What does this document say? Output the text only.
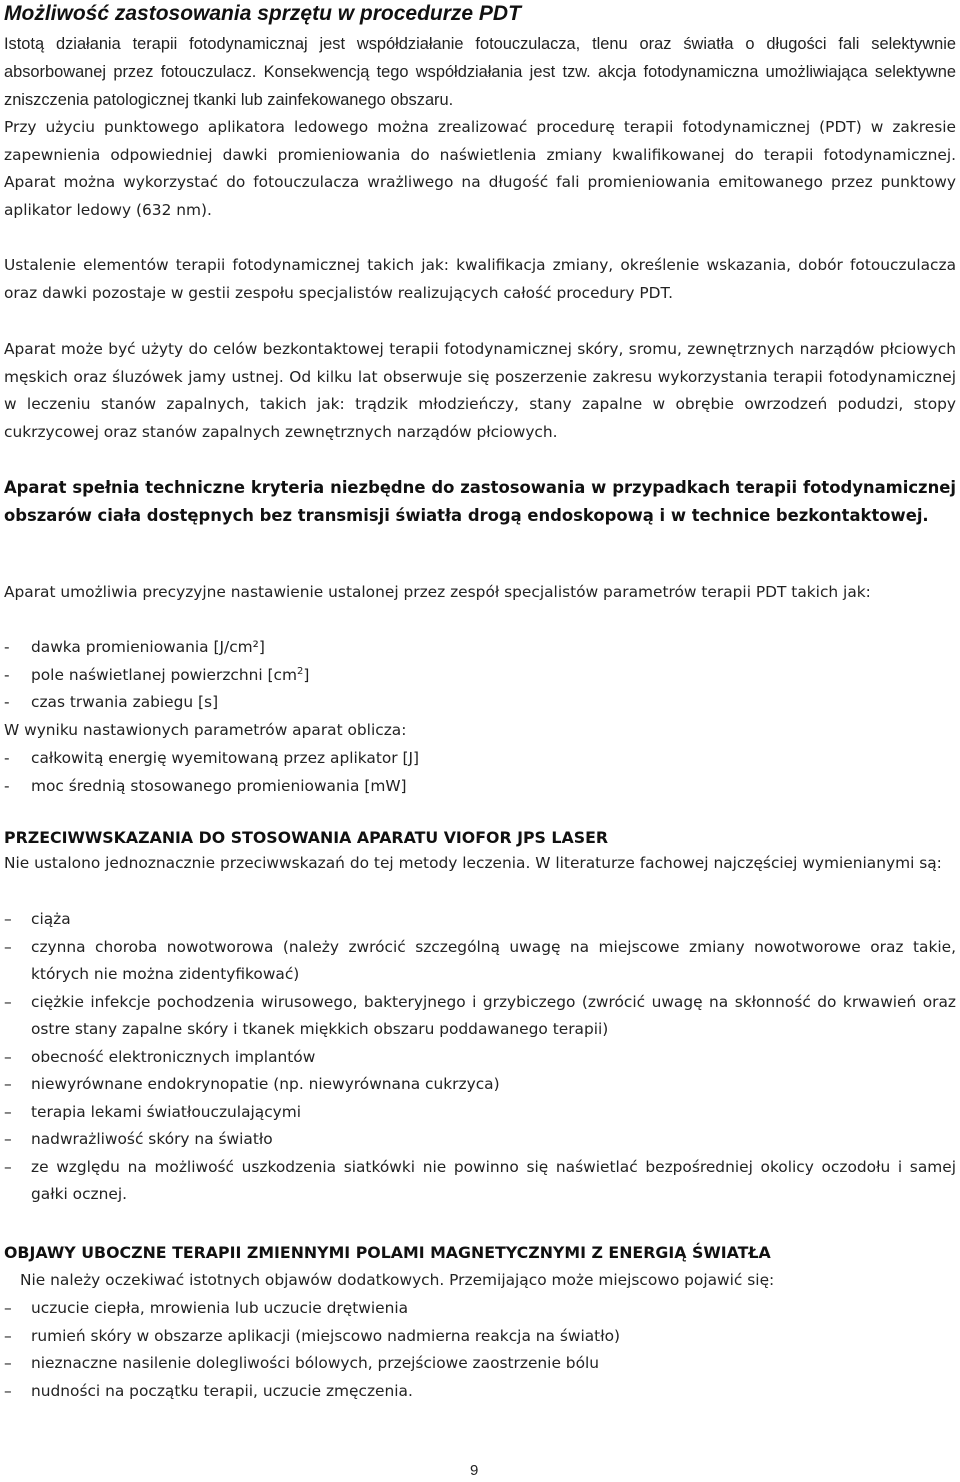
Możliwość zastosowania sprzętu w procedurze PDT

Istotą działania terapii fotodynamicznaj jest współdziałanie fotouczulacza, tlenu oraz światła o długości fali selektywnie absorbowanej przez fotouczulacz. Konsekwencją tego współdziałania jest tzw. akcja fotodynamiczna umożliwiająca selektywne zniszczenia patologicznej tkanki lub zainfekowanego obszaru.

Przy użyciu punktowego aplikatora ledowego można zrealizować procedurę terapii fotodynamicznej (PDT) w zakresie zapewnienia odpowiedniej dawki promieniowania do naświetlenia zmiany kwalifikowanej do terapii fotodynamicznej. Aparat można wykorzystać do fotouczulacza wrażliwego na długość fali promieniowania emitowanego przez punktowy aplikator ledowy (632 nm).

Ustalenie elementów terapii fotodynamicznej takich jak: kwalifikacja zmiany, określenie wskazania, dobór fotouczulacza oraz dawki pozostaje w gestii zespołu specjalistów realizujących całość procedury PDT.

Aparat może być użyty do celów bezkontaktowej terapii fotodynamicznej skóry, sromu, zewnętrznych narządów płciowych męskich oraz śluzówek jamy ustnej. Od kilku lat obserwuje się poszerzenie zakresu wykorzystania terapii fotodynamicznej w leczeniu stanów zapalnych, takich jak: trądzik młodzieńczy, stany zapalne w obrębie owrzodzeń podudzi, stopy cukrzycowej oraz stanów zapalnych zewnętrznych narządów płciowych.

Aparat spełnia techniczne kryteria niezbędne do zastosowania w przypadkach terapii fotodynamicznej obszarów ciała dostępnych bez transmisji światła drogą endoskopową i w technice bezkontaktowej.

Aparat umożliwia precyzyjne nastawienie ustalonej przez zespół specjalistów parametrów terapii PDT takich jak:

- dawka promieniowania [J/cm²]
- pole naświetlanej powierzchni $[cm^2]$
- czas trwania zabiegu [s]

W wyniku nastawionych parametrów aparat oblicza:

- całkowitą energię wyemitowaną przez aplikator [J]
- moc średnią stosowanego promieniowania [mW]
PRZECIWWSKAZANIA DO STOSOWANIA APARATU VIOFOR JPS LASER

Nie ustalono jednoznacznie przeciwwskazań do tej metody leczenia. W literaturze fachowej najczęściej wymienianymi są:

– ciąża
– czynna choroba nowotworowa (należy zwrócić szczególną uwagę na miejscowe zmiany nowotworowe oraz takie, których nie można zidentyfikować)
– ciężkie infekcje pochodzenia wirusowego, bakteryjnego i grzybiczego (zwrócić uwagę na skłonność do krwawień oraz ostre stany zapalne skóry i tkanek miękkich obszaru poddawanego terapii)
– obecność elektronicznych implantów
– niewyrównane endokrynopatie (np. niewyrównana cukrzyca)
– terapia lekami światłouczulającymi
– nadwrażliwość skóry na światło
– ze względu na możliwość uszkodzenia siatkówki nie powinno się naświetlać bezpośredniej okolicy oczodołu i samej gałki ocznej.
OBJAWY UBOCZNE TERAPII ZMIENNYMI POLAMI MAGNETYCZNYMI Z ENERGIĄ ŚWIATŁA

Nie należy oczekiwać istotnych objawów dodatkowych. Przemijająco może miejscowo pojawić się:

– uczucie ciepła, mrowienia lub uczucie drętwienia
– rumień skóry w obszarze aplikacji (miejscowo nadmierna reakcja na światło)
– nieznaczne nasilenie dolegliwości bólowych, przejściowe zaostrzenie bólu
– nudności na początku terapii, uczucie zmęczenia.
9
